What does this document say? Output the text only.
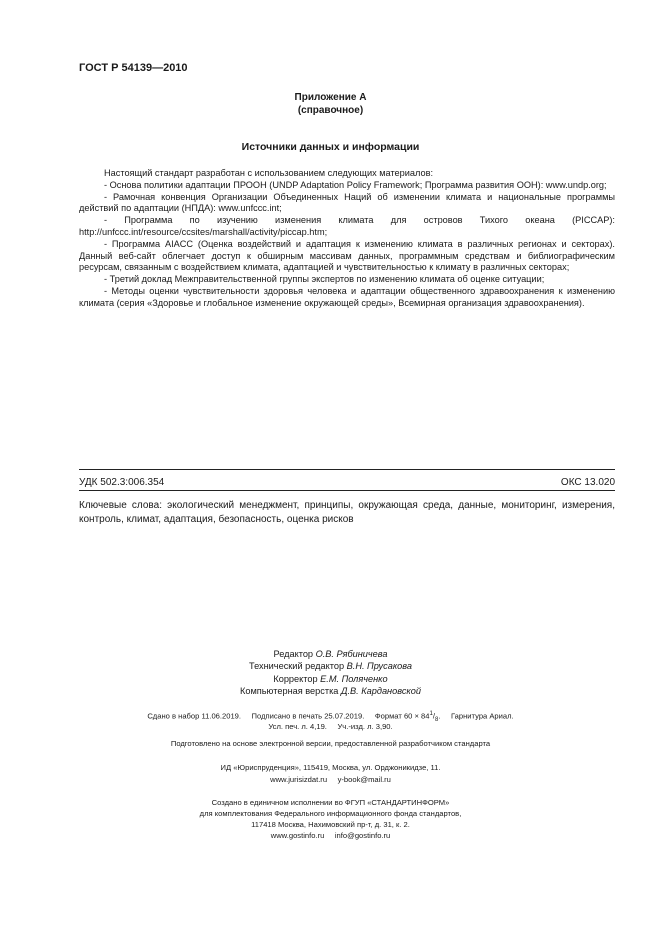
ГОСТ Р 54139—2010
Приложение А
(справочное)
Источники данных и информации

Настоящий стандарт разработан с использованием следующих материалов:

- Основа политики адаптации ПРООН (UNDP Adaptation Policy Framework; Программа развития ООН): www.undp.org;

- Рамочная конвенция Организации Объединенных Наций об изменении климата и национальные программы действий по адаптации (НПДА): www.unfccc.int;

- Программа по изучению изменения климата для островов Тихого океана (PICCAP): http://unfccc.int/resource/ccsites/marshall/activity/piccap.htm;

- Программа AIACC (Оценка воздействий и адаптация к изменению климата в различных регионах и секторах). Данный веб-сайт облегчает доступ к обширным массивам данных, программным средствам и библиографическим ресурсам, связанным с воздействием климата, адаптацией и чувствительностью к климату в различных секторах;

- Третий доклад Межправительственной группы экспертов по изменению климата об оценке ситуации;

- Методы оценки чувствительности здоровья человека и адаптации общественного здравоохранения к изменению климата (серия «Здоровье и глобальное изменение окружающей среды», Всемирная организация здравоохранения).

УДК 502.3:006.354	ОКС 13.020
Ключевые слова: экологический менеджмент, принципы, окружающая среда, данные, мониторинг, измерения, контроль, климат, адаптация, безопасность, оценка рисков
Редактор О.В. Рябиничева
Технический редактор В.Н. Прусакова
Корректор Е.М. Поляченко
Компьютерная верстка Д.В. Кардановской
Сдано в набор 11.06.2019.     Подписано в печать 25.07.2019.     Формат $60 \times 84^1/_8$.     Гарнитура Ариал.
Усл. печ. л. 4,19.     Уч.-изд. л. 3,90.
Подготовлено на основе электронной версии, предоставленной разработчиком стандарта
ИД «Юриспруденция», 115419, Москва, ул. Орджоникидзе, 11.
www.jurisizdat.ru     y-book@mail.ru
Создано в единичном исполнении во ФГУП «СТАНДАРТИНФОРМ»
для комплектования Федерального информационного фонда стандартов,
117418 Москва, Нахимовский пр-т, д. 31, к. 2.
www.gostinfo.ru     info@gostinfo.ru
